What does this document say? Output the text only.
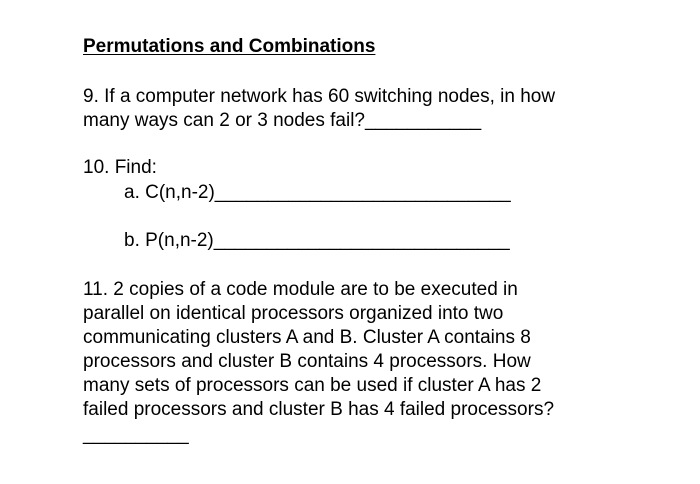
Permutations and Combinations
9. If a computer network has 60 switching nodes, in how
many ways can 2 or 3 nodes fail?___________
10. Find:
a. C(n,n-2)____________________________
b. P(n,n-2)____________________________
11. 2 copies of a code module are to be executed in
parallel on identical processors organized into two
communicating clusters A and B. Cluster A contains 8
processors and cluster B contains 4 processors. How
many sets of processors can be used if cluster A has 2
failed processors and cluster B has 4 failed processors?
__________
